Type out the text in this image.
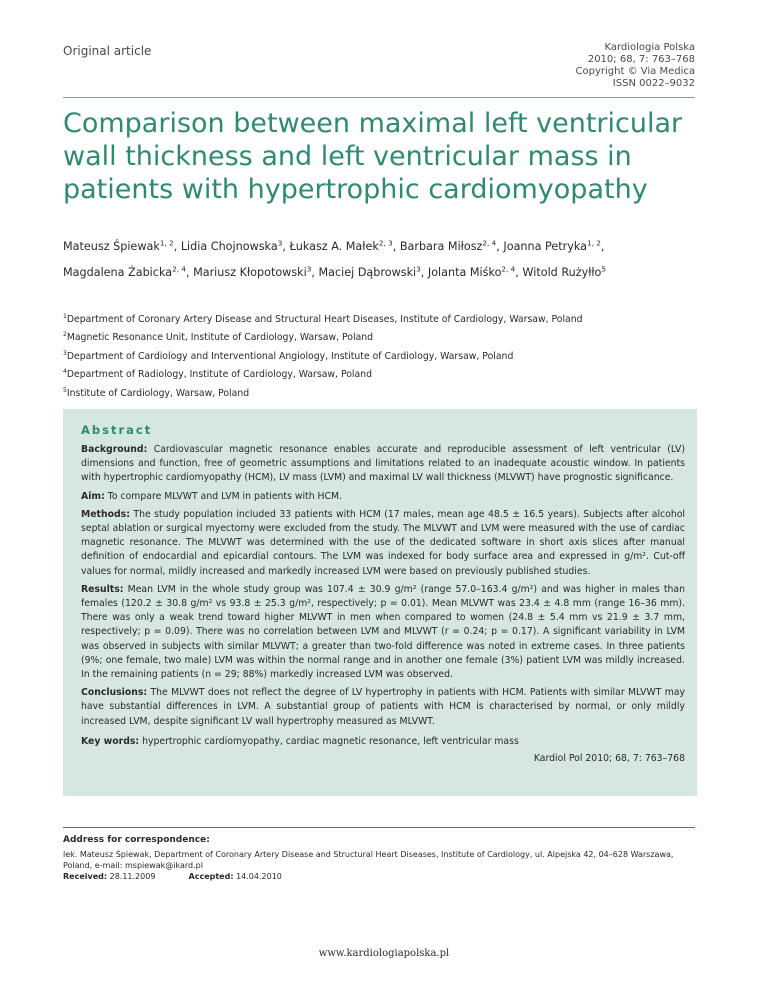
Original article	Kardiologia Polska
2010; 68, 7: 763–768
Copyright © Via Medica
ISSN 0022–9032
Comparison between maximal left ventricular
wall thickness and left ventricular mass in
patients with hypertrophic cardiomyopathy
Mateusz Śpiewak$^{1, 2}$, Lidia Chojnowska$^3$, Łukasz A. Małek$^{2, 3}$, Barbara Miłosz$^{2, 4}$, Joanna Petryka$^{1, 2}$,
Magdalena Żabicka$^{2, 4}$, Mariusz Kłopotowski$^3$, Maciej Dąbrowski$^3$, Jolanta Miśko$^{2, 4}$, Witold Rużyłło$^5$
$^1$Department of Coronary Artery Disease and Structural Heart Diseases, Institute of Cardiology, Warsaw, Poland
$^2$Magnetic Resonance Unit, Institute of Cardiology, Warsaw, Poland
$^3$Department of Cardiology and Interventional Angiology, Institute of Cardiology, Warsaw, Poland
$^4$Department of Radiology, Institute of Cardiology, Warsaw, Poland
$^5$Institute of Cardiology, Warsaw, Poland
Abstract

Background: Cardiovascular magnetic resonance enables accurate and reproducible assessment of left ventricular (LV) dimensions and function, free of geometric assumptions and limitations related to an inadequate acoustic window. In patients with hypertrophic cardiomyopathy (HCM), LV mass (LVM) and maximal LV wall thickness (MLVWT) have prognostic significance.

Aim: To compare MLVWT and LVM in patients with HCM.

Methods: The study population included 33 patients with HCM (17 males, mean age 48.5 ± 16.5 years). Subjects after alcohol septal ablation or surgical myectomy were excluded from the study. The MLVWT and LVM were measured with the use of cardiac magnetic resonance. The MLVWT was determined with the use of the dedicated software in short axis slices after manual definition of endocardial and epicardial contours. The LVM was indexed for body surface area and expressed in g/m². Cut-off values for normal, mildly increased and markedly increased LVM were based on previously published studies.

Results: Mean LVM in the whole study group was 107.4 ± 30.9 g/m² (range 57.0–163.4 g/m²) and was higher in males than females (120.2 ± 30.8 g/m² vs 93.8 ± 25.3 g/m², respectively; p = 0.01). Mean MLVWT was 23.4 ± 4.8 mm (range 16–36 mm). There was only a weak trend toward higher MLVWT in men when compared to women (24.8 ± 5.4 mm vs 21.9 ± 3.7 mm, respectively; p = 0.09). There was no correlation between LVM and MLVWT (r = 0.24; p = 0.17). A significant variability in LVM was observed in subjects with similar MLVWT; a greater than two-fold difference was noted in extreme cases. In three patients (9%; one female, two male) LVM was within the normal range and in another one female (3%) patient LVM was mildly increased. In the remaining patients (n = 29; 88%) markedly increased LVM was observed.

Conclusions: The MLVWT does not reflect the degree of LV hypertrophy in patients with HCM. Patients with similar MLVWT may have substantial differences in LVM. A substantial group of patients with HCM is characterised by normal, or only mildly increased LVM, despite significant LV wall hypertrophy measured as MLVWT.

Key words: hypertrophic cardiomyopathy, cardiac magnetic resonance, left ventricular mass

Kardiol Pol 2010; 68, 7: 763–768
Address for correspondence:
lek. Mateusz Śpiewak, Department of Coronary Artery Disease and Structural Heart Diseases, Institute of Cardiology, ul. Alpejska 42, 04–628 Warszawa,
Poland, e-mail: mspiewak@ikard.pl
Received: 28.11.2009	Accepted: 14.04.2010
www.kardiologiapolska.pl
